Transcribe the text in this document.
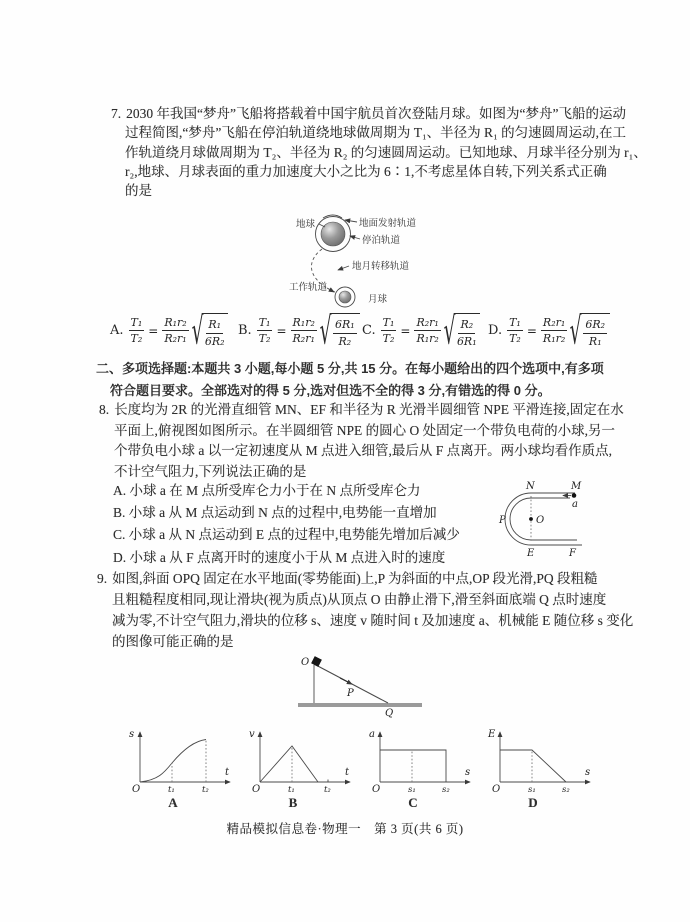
7. 2030 年我国“梦舟”飞船将搭载着中国宇航员首次登陆月球。如图为“梦舟”飞船的运动
过程简图,“梦舟”飞船在停泊轨道绕地球做周期为 T₁、半径为 R₁ 的匀速圆周运动,在工
作轨道绕月球做周期为 T₂、半径为 R₂ 的匀速圆周运动。已知地球、月球半径分别为 r₁、
r₂,地球、月球表面的重力加速度大小之比为 6∶1,不考虑星体自转,下列关系式正确
的是
地球	地面发射轨道
停泊轨道
地月转移轨道
工作轨道
月球
A. $\frac{\text{T₁}}{\text{T₂}} = \frac{\text{R₁r₂}}{\text{R₂r₁}}$ √ $\frac{\text{R₁}}{\text{6R₂}} B$. $\frac{\text{T₁}}{\text{T₂}} = \frac{\text{R₁r₂}}{\text{R₂r₁}}$ √ $\frac{\text{6R₁}}{\text{R₂}} C$. $\frac{\text{T₁}}{\text{T₂}} = \frac{\text{R₂r₁}}{\text{R₁r₂}}$ √ $\frac{\text{R₂}}{\text{6R₁}} D$. $\frac{\text{T₁}}{\text{T₂}} = \frac{\text{R₂r₁}}{\text{R₁r₂}}$ √ $\frac{\text{6R₂}}{\text{R₁}}$
二、多项选择题:本题共 3 小题,每小题 5 分,共 15 分。在每小题给出的四个选项中,有多项
符合题目要求。全部选对的得 5 分,选对但选不全的得 3 分,有错选的得 0 分。
8. 长度均为 2R 的光滑直细管 MN、EF 和半径为 R 光滑半圆细管 NPE 平滑连接,固定在水
平面上,俯视图如图所示。在半圆细管 NPE 的圆心 O 处固定一个带负电荷的小球,另一
个带负电小球 a 以一定初速度从 M 点进入细管,最后从 F 点离开。两小球均看作质点,
不计空气阻力,下列说法正确的是
A. 小球 a 在 M 点所受库仑力小于在 N 点所受库仑力
B. 小球 a 从 M 点运动到 N 点的过程中,电势能一直增加
C. 小球 a 从 N 点运动到 E 点的过程中,电势能先增加后减少
D. 小球 a 从 F 点离开时的速度小于从 M 点进入时的速度
O
P
N	M
a
E	F
9. 如图,斜面 OPQ 固定在水平地面(零势能面)上,P 为斜面的中点,OP 段光滑,PQ 段粗糙
且粗糙程度相同,现让滑块(视为质点)从顶点 O 由静止滑下,滑至斜面底端 Q 点时速度
减为零,不计空气阻力,滑块的位移 s、速度 v 随时间 t 及加速度 a、机械能 E 随位移 s 变化
的图像可能正确的是
O
P
Q
s
t
O	t₁	t₂
v
t
O	t₁	t₂
a
s
O	s₁	s₂
E
s
O	s₁	s₂
A	B	C	D
精品模拟信息卷·物理一　第 3 页(共 6 页)
